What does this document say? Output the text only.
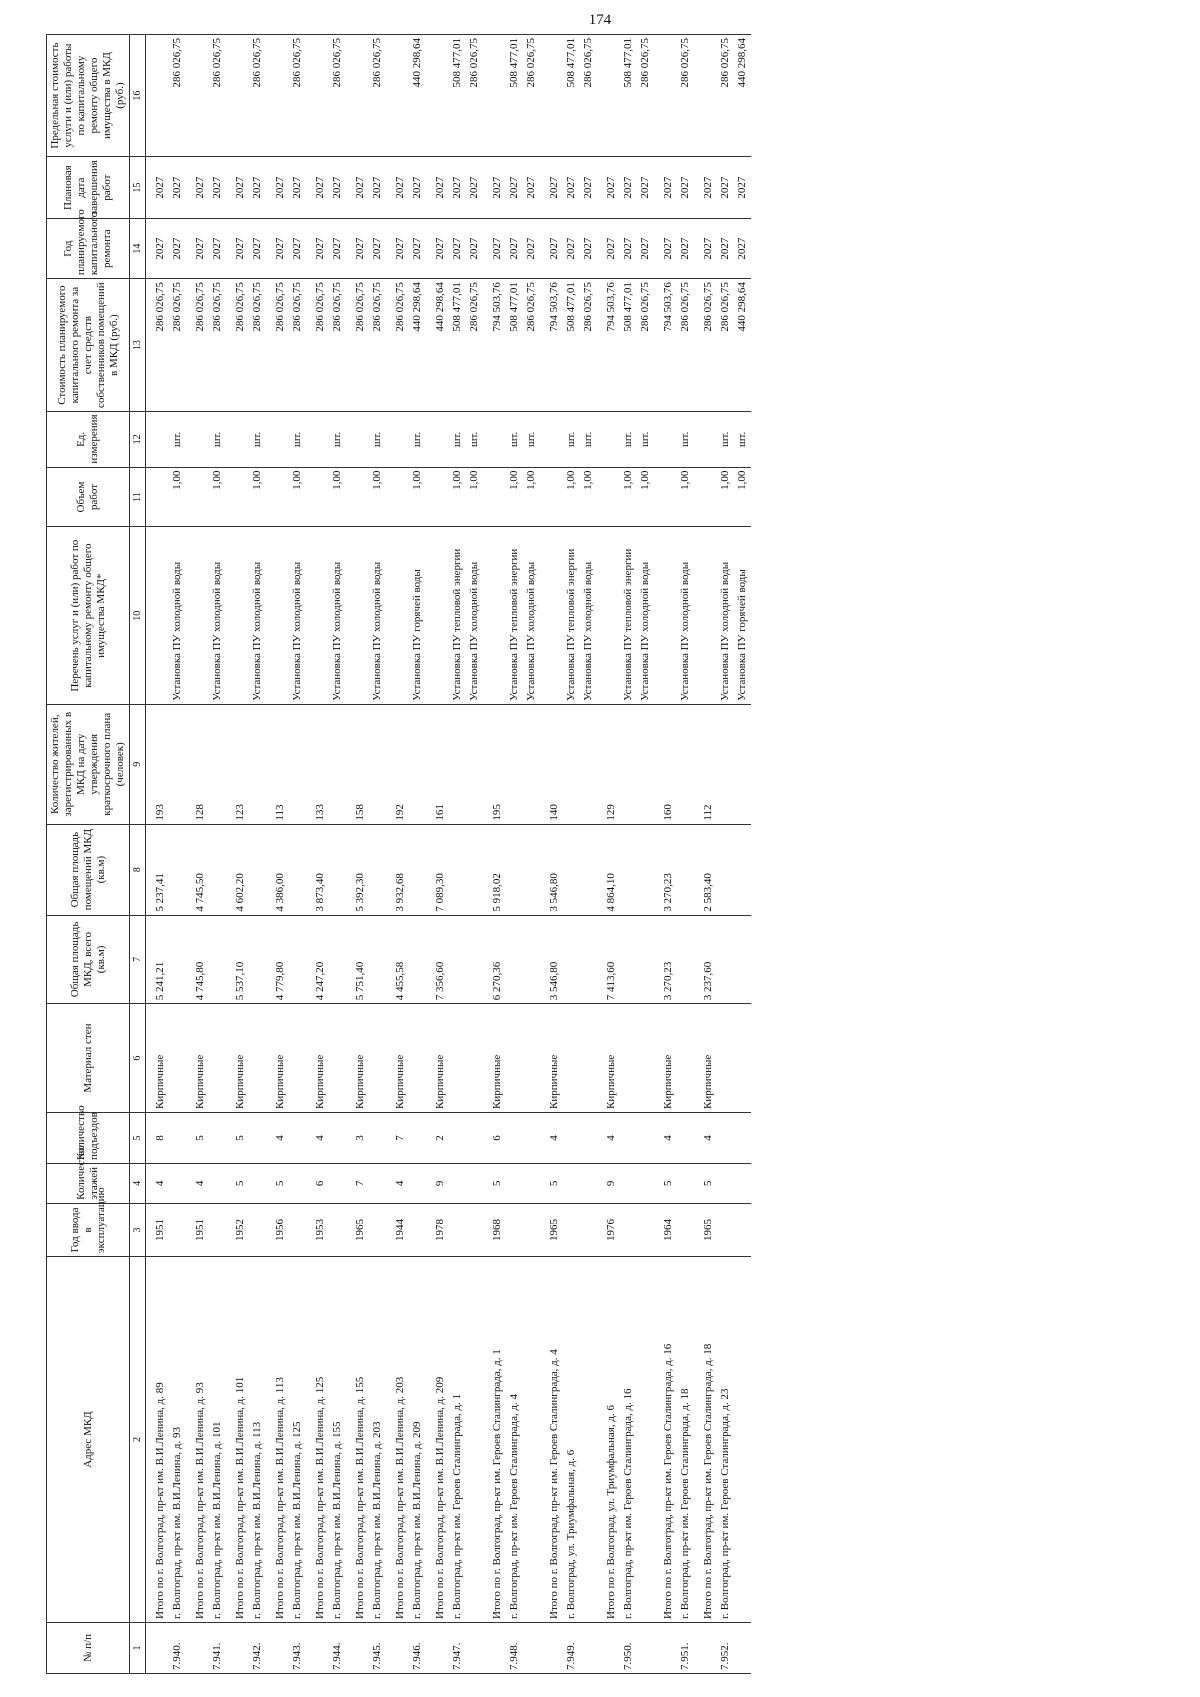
174
№ п/п	Адрес МКД	Год ввода в эксплуатацию	Количество этажей	Количество подъездов	Материал стен	Общая площадь МКД, всего (кв.м)	Общая площадь помещений МКД (кв.м)	Количество жителей, зарегистрированных в МКД на дату утверждения краткосрочного плана (человек)	Перечень услуг и (или) работ по капитальному ремонту общего имущества МКД*	Объем работ	Ед. измерения	Стоимость планируемого капитального ремонта за счет средств собственников помещений в МКД (руб.)	Год планируемого капитального ремонта	Плановая дата завершения работ	Предельная стоимость услуги и (или) работы по капитальному ремонту общего имущества в МКД (руб.)
1	2	3	4	5	6	7	8	9	10	11	12	13	14	15	16
	Итого по г. Волгоград, пр-кт им. В.И.Ленина, д. 89	1951	4	8	Кирпичные	5 241,21	5 237,41	193				286 026,75	2027	2027	
7.940.	г. Волгоград, пр-кт им. В.И.Ленина, д. 93								Установка ПУ холодной воды	1,00	шт.	286 026,75	2027	2027	286 026,75
	Итого по г. Волгоград, пр-кт им. В.И.Ленина, д. 93	1951	4	5	Кирпичные	4 745,80	4 745,50	128				286 026,75	2027	2027	
7.941.	г. Волгоград, пр-кт им. В.И.Ленина, д. 101								Установка ПУ холодной воды	1,00	шт.	286 026,75	2027	2027	286 026,75
	Итого по г. Волгоград, пр-кт им. В.И.Ленина, д. 101	1952	5	5	Кирпичные	5 537,10	4 602,20	123				286 026,75	2027	2027	
7.942.	г. Волгоград, пр-кт им. В.И.Ленина, д. 113								Установка ПУ холодной воды	1,00	шт.	286 026,75	2027	2027	286 026,75
	Итого по г. Волгоград, пр-кт им. В.И.Ленина, д. 113	1956	5	4	Кирпичные	4 779,80	4 386,00	113				286 026,75	2027	2027	
7.943.	г. Волгоград, пр-кт им. В.И.Ленина, д. 125								Установка ПУ холодной воды	1,00	шт.	286 026,75	2027	2027	286 026,75
	Итого по г. Волгоград, пр-кт им. В.И.Ленина, д. 125	1953	6	4	Кирпичные	4 247,20	3 873,40	133				286 026,75	2027	2027	
7.944.	г. Волгоград, пр-кт им. В.И.Ленина, д. 155								Установка ПУ холодной воды	1,00	шт.	286 026,75	2027	2027	286 026,75
	Итого по г. Волгоград, пр-кт им. В.И.Ленина, д. 155	1965	7	3	Кирпичные	5 751,40	5 392,30	158				286 026,75	2027	2027	
7.945.	г. Волгоград, пр-кт им. В.И.Ленина, д. 203								Установка ПУ холодной воды	1,00	шт.	286 026,75	2027	2027	286 026,75
	Итого по г. Волгоград, пр-кт им. В.И.Ленина, д. 203	1944	4	7	Кирпичные	4 455,58	3 932,68	192				286 026,75	2027	2027	
7.946.	г. Волгоград, пр-кт им. В.И.Ленина, д. 209								Установка ПУ горячей воды	1,00	шт.	440 298,64	2027	2027	440 298,64
	Итого по г. Волгоград, пр-кт им. В.И.Ленина, д. 209	1978	9	2	Кирпичные	7 356,60	7 089,30	161				440 298,64	2027	2027	
7.947.	г. Волгоград, пр-кт им. Героев Сталинграда, д. 1								Установка ПУ тепловой энергии	1,00	шт.	508 477,01	2027	2027	508 477,01
									Установка ПУ холодной воды	1,00	шт.	286 026,75	2027	2027	286 026,75
	Итого по г. Волгоград, пр-кт им. Героев Сталинграда, д. 1	1968	5	6	Кирпичные	6 270,36	5 918,02	195				794 503,76	2027	2027	
7.948.	г. Волгоград, пр-кт им. Героев Сталинграда, д. 4								Установка ПУ тепловой энергии	1,00	шт.	508 477,01	2027	2027	508 477,01
									Установка ПУ холодной воды	1,00	шт.	286 026,75	2027	2027	286 026,75
	Итого по г. Волгоград, пр-кт им. Героев Сталинграда, д. 4	1965	5	4	Кирпичные	3 546,80	3 546,80	140				794 503,76	2027	2027	
7.949.	г. Волгоград, ул. Триумфальная, д. 6								Установка ПУ тепловой энергии	1,00	шт.	508 477,01	2027	2027	508 477,01
									Установка ПУ холодной воды	1,00	шт.	286 026,75	2027	2027	286 026,75
	Итого по г. Волгоград, ул. Триумфальная, д. 6	1976	9	4	Кирпичные	7 413,60	4 864,10	129				794 503,76	2027	2027	
7.950.	г. Волгоград, пр-кт им. Героев Сталинграда, д. 16								Установка ПУ тепловой энергии	1,00	шт.	508 477,01	2027	2027	508 477,01
									Установка ПУ холодной воды	1,00	шт.	286 026,75	2027	2027	286 026,75
	Итого по г. Волгоград, пр-кт им. Героев Сталинграда, д. 16	1964	5	4	Кирпичные	3 270,23	3 270,23	160				794 503,76	2027	2027	
7.951.	г. Волгоград, пр-кт им. Героев Сталинграда, д. 18								Установка ПУ холодной воды	1,00	шт.	286 026,75	2027	2027	286 026,75
	Итого по г. Волгоград, пр-кт им. Героев Сталинграда, д. 18	1965	5	4	Кирпичные	3 237,60	2 583,40	112				286 026,75	2027	2027	
7.952.	г. Волгоград, пр-кт им. Героев Сталинграда, д. 23								Установка ПУ холодной воды	1,00	шт.	286 026,75	2027	2027	286 026,75
									Установка ПУ горячей воды	1,00	шт.	440 298,64	2027	2027	440 298,64
